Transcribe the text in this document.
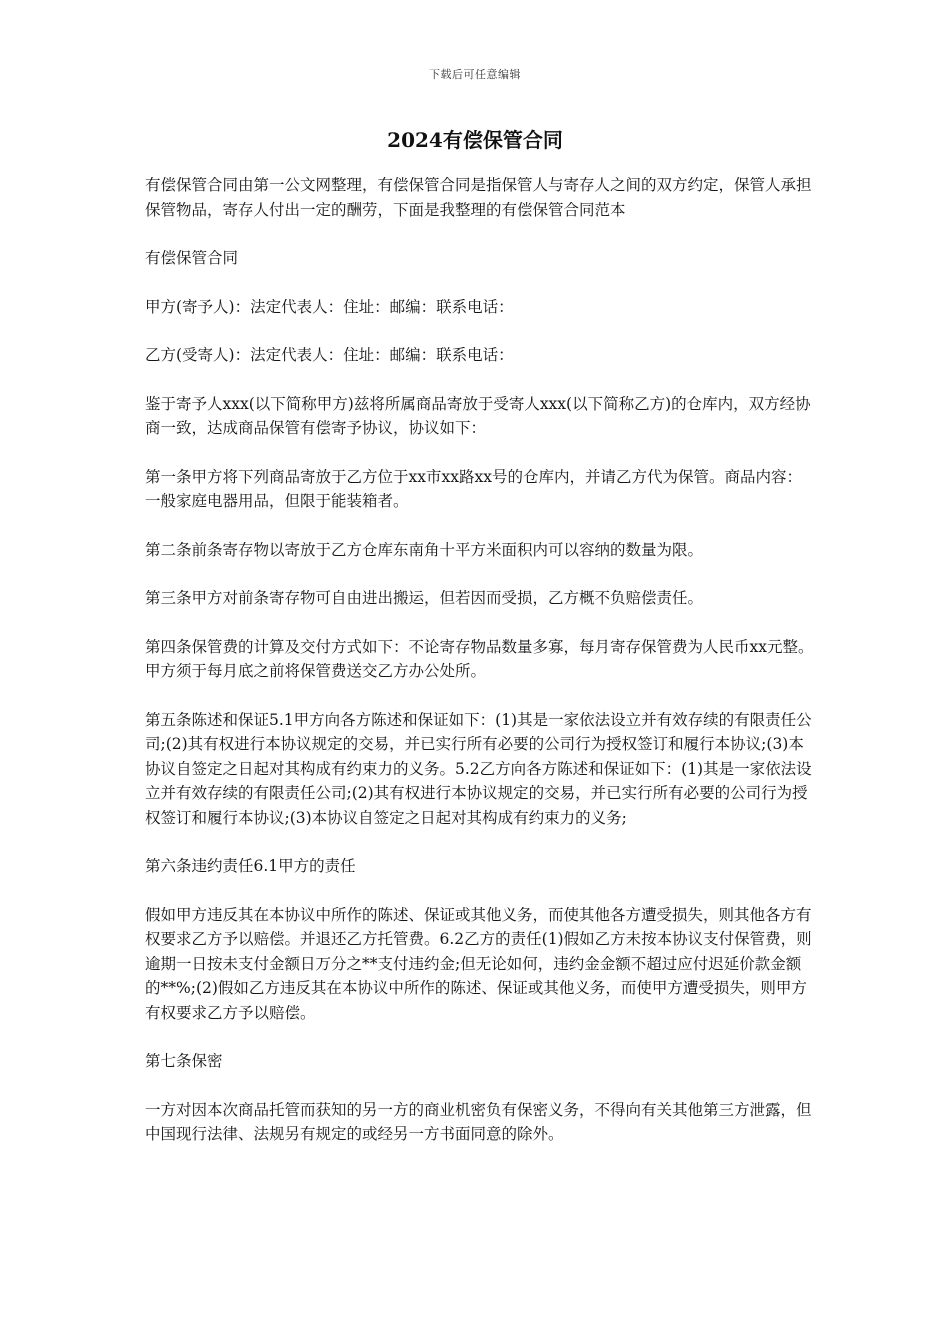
下载后可任意编辑
2024有偿保管合同

有偿保管合同由第一公文网整理，有偿保管合同是指保管人与寄存人之间的双方约定，保管人承担保管物品，寄存人付出一定的酬劳，下面是我整理的有偿保管合同范本

有偿保管合同

甲方(寄予人)：法定代表人：住址：邮编：联系电话：

乙方(受寄人)：法定代表人：住址：邮编：联系电话：

鉴于寄予人xxx(以下简称甲方)兹将所属商品寄放于受寄人xxx(以下简称乙方)的仓库内，双方经协商一致，达成商品保管有偿寄予协议，协议如下：

第一条甲方将下列商品寄放于乙方位于xx市xx路xx号的仓库内，并请乙方代为保管。商品内容：一般家庭电器用品，但限于能装箱者。

第二条前条寄存物以寄放于乙方仓库东南角十平方米面积内可以容纳的数量为限。

第三条甲方对前条寄存物可自由进出搬运，但若因而受损，乙方概不负赔偿责任。

第四条保管费的计算及交付方式如下：不论寄存物品数量多寡，每月寄存保管费为人民币xx元整。甲方须于每月底之前将保管费送交乙方办公处所。

第五条陈述和保证5.1甲方向各方陈述和保证如下：(1)其是一家依法设立并有效存续的有限责任公司;(2)其有权进行本协议规定的交易，并已实行所有必要的公司行为授权签订和履行本协议;(3)本协议自签定之日起对其构成有约束力的义务。5.2乙方向各方陈述和保证如下：(1)其是一家依法设立并有效存续的有限责任公司;(2)其有权进行本协议规定的交易，并已实行所有必要的公司行为授权签订和履行本协议;(3)本协议自签定之日起对其构成有约束力的义务;

第六条违约责任6.1甲方的责任

假如甲方违反其在本协议中所作的陈述、保证或其他义务，而使其他各方遭受损失，则其他各方有权要求乙方予以赔偿。并退还乙方托管费。6.2乙方的责任(1)假如乙方未按本协议支付保管费，则逾期一日按未支付金额日万分之**支付违约金;但无论如何，违约金金额不超过应付迟延价款金额的**%;(2)假如乙方违反其在本协议中所作的陈述、保证或其他义务，而使甲方遭受损失，则甲方有权要求乙方予以赔偿。

第七条保密

一方对因本次商品托管而获知的另一方的商业机密负有保密义务，不得向有关其他第三方泄露，但中国现行法律、法规另有规定的或经另一方书面同意的除外。
